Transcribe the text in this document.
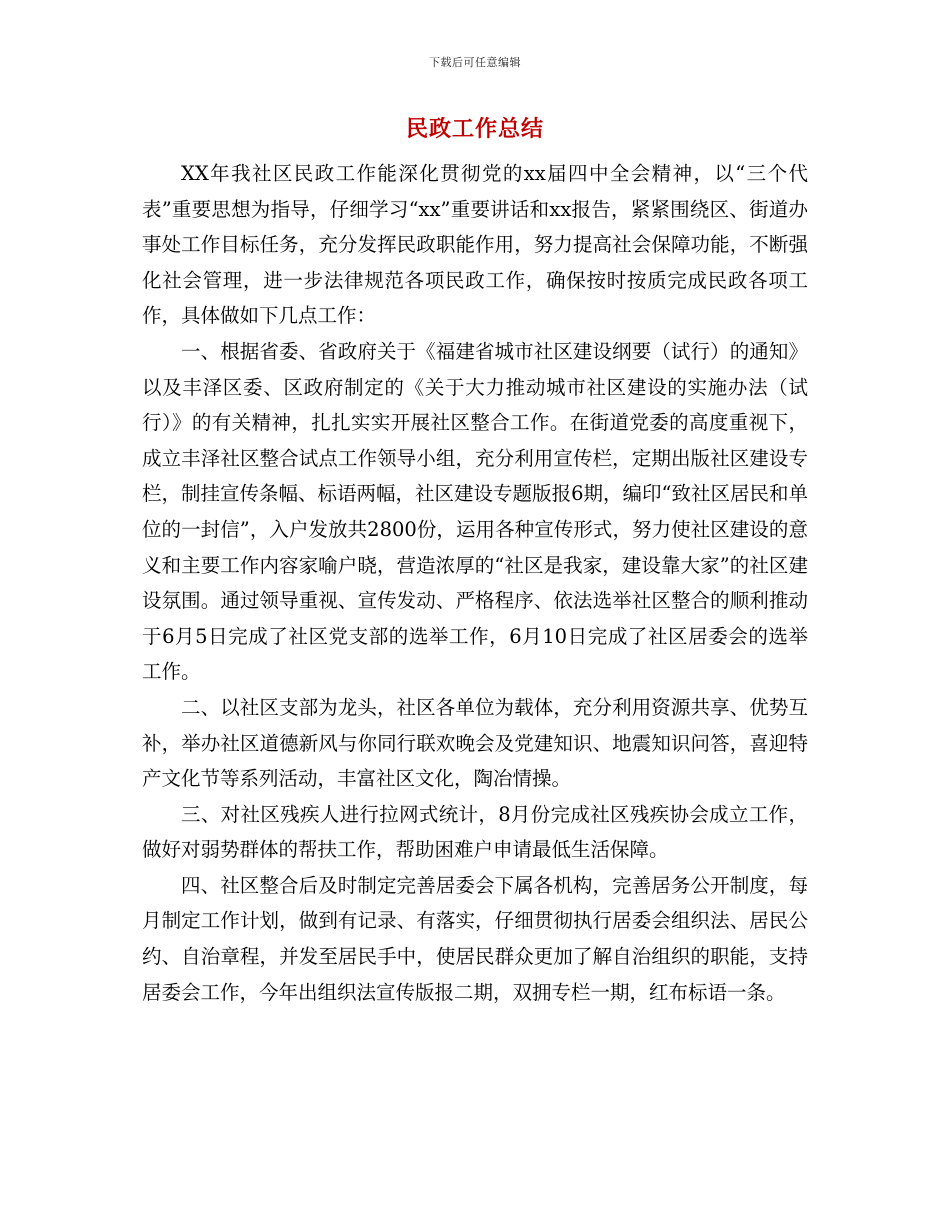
下载后可任意编辑
民政工作总结

XX年我社区民政工作能深化贯彻党的xx届四中全会精神，以“三个代表”重要思想为指导，仔细学习“xx”重要讲话和xx报告，紧紧围绕区、街道办事处工作目标任务，充分发挥民政职能作用，努力提高社会保障功能，不断强化社会管理，进一步法律规范各项民政工作，确保按时按质完成民政各项工作，具体做如下几点工作：

一、根据省委、省政府关于《福建省城市社区建设纲要（试行）的通知》以及丰泽区委、区政府制定的《关于大力推动城市社区建设的实施办法（试行）》的有关精神，扎扎实实开展社区整合工作。在街道党委的高度重视下，成立丰泽社区整合试点工作领导小组，充分利用宣传栏，定期出版社区建设专栏，制挂宣传条幅、标语两幅，社区建设专题版报6期，编印“致社区居民和单位的一封信”，入户发放共2800份，运用各种宣传形式，努力使社区建设的意义和主要工作内容家喻户晓，营造浓厚的“社区是我家，建设靠大家”的社区建设氛围。通过领导重视、宣传发动、严格程序、依法选举社区整合的顺利推动于6月5日完成了社区党支部的选举工作，6月10日完成了社区居委会的选举工作。

二、以社区支部为龙头，社区各单位为载体，充分利用资源共享、优势互补，举办社区道德新风与你同行联欢晚会及党建知识、地震知识问答，喜迎特产文化节等系列活动，丰富社区文化，陶冶情操。

三、对社区残疾人进行拉网式统计，8月份完成社区残疾协会成立工作，做好对弱势群体的帮扶工作，帮助困难户申请最低生活保障。

四、社区整合后及时制定完善居委会下属各机构，完善居务公开制度，每月制定工作计划，做到有记录、有落实，仔细贯彻执行居委会组织法、居民公约、自治章程，并发至居民手中，使居民群众更加了解自治组织的职能，支持居委会工作，今年出组织法宣传版报二期，双拥专栏一期，红布标语一条。
